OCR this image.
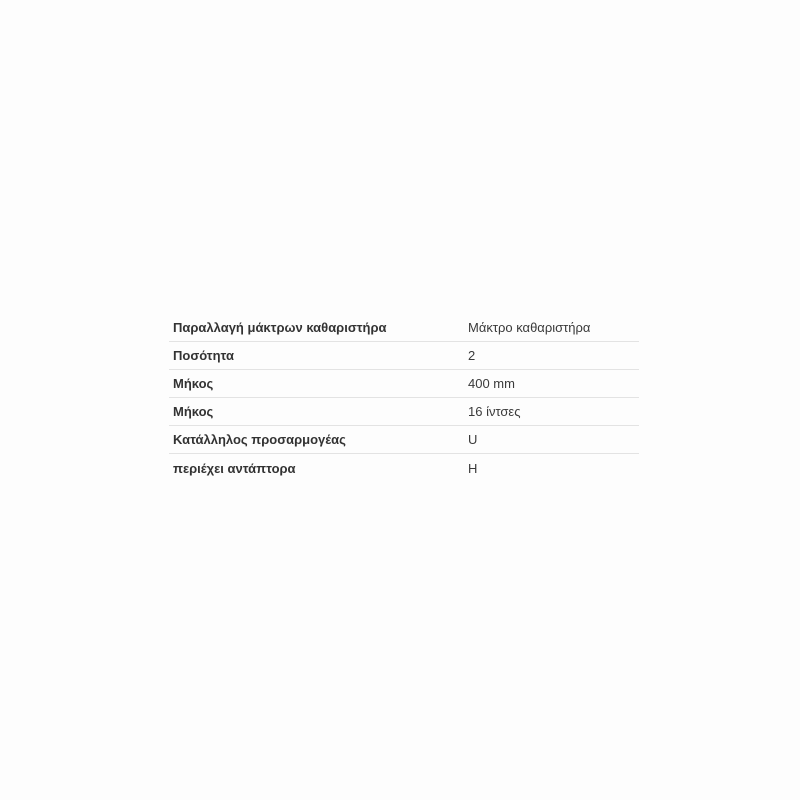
Παραλλαγή μάκτρων καθαριστήρα	Μάκτρο καθαριστήρα
Ποσότητα	2
Μήκος	400 mm
Μήκος	16 ίντσες
Κατάλληλος προσαρμογέας	U
περιέχει αντάπτορα	H
